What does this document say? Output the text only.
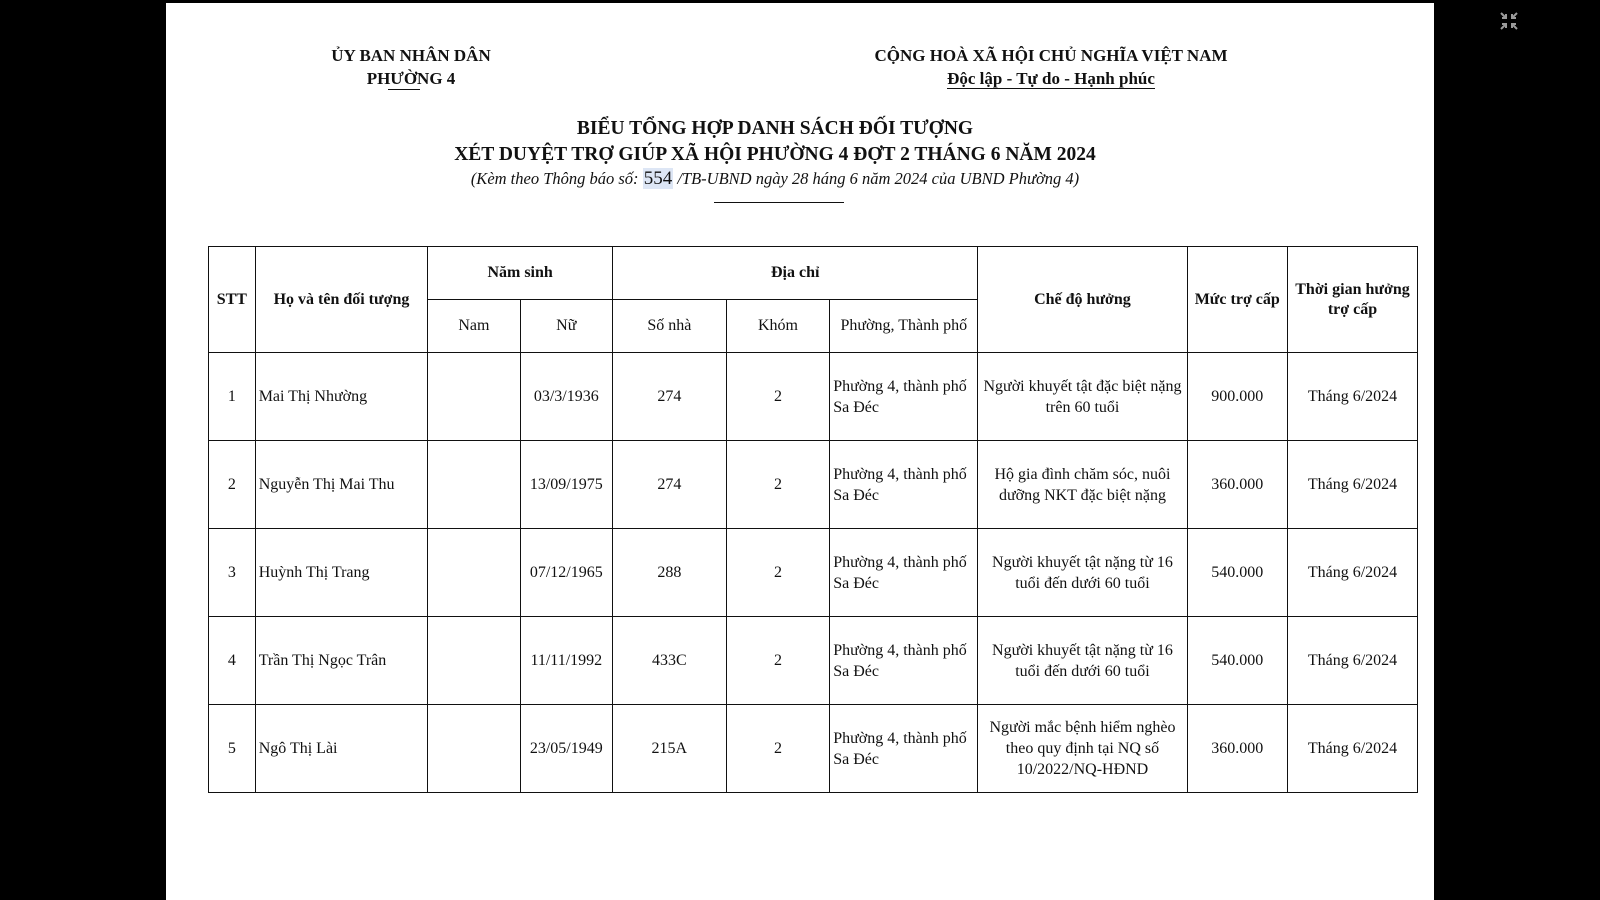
ỦY BAN NHÂN DÂN
PHƯỜNG 4
CỘNG HOÀ XÃ HỘI CHỦ NGHĨA VIỆT NAM
Độc lập - Tự do - Hạnh phúc
BIỂU TỔNG HỢP DANH SÁCH ĐỐI TƯỢNG
XÉT DUYỆT TRỢ GIÚP XÃ HỘI PHƯỜNG 4 ĐỢT 2 THÁNG 6 NĂM 2024
(Kèm theo Thông báo số: 554 /TB-UBND ngày 28 háng 6 năm 2024 của UBND Phường 4)
STT	Họ và tên đối tượng	Năm sinh		Địa chỉ			Chế độ hưởng	Mức trợ cấp	Thời gian hưởng trợ cấp
		Nam	Nữ	Số nhà	Khóm	Phường, Thành phố			
1	Mai Thị Nhường		03/3/1936	274	2	Phường 4, thành phố Sa Đéc	Người khuyết tật đặc biệt nặng trên 60 tuổi	900.000	Tháng 6/2024
2	Nguyễn Thị Mai Thu		13/09/1975	274	2	Phường 4, thành phố Sa Đéc	Hộ gia đình chăm sóc, nuôi dưỡng NKT đặc biệt nặng	360.000	Tháng 6/2024
3	Huỳnh Thị Trang		07/12/1965	288	2	Phường 4, thành phố Sa Đéc	Người khuyết tật nặng từ 16 tuổi đến dưới 60 tuổi	540.000	Tháng 6/2024
4	Trần Thị Ngọc Trân		11/11/1992	433C	2	Phường 4, thành phố Sa Đéc	Người khuyết tật nặng từ 16 tuổi đến dưới 60 tuổi	540.000	Tháng 6/2024
5	Ngô Thị Lài		23/05/1949	215A	2	Phường 4, thành phố Sa Đéc	Người mắc bệnh hiểm nghèo theo quy định tại NQ số 10/2022/NQ-HĐND	360.000	Tháng 6/2024
